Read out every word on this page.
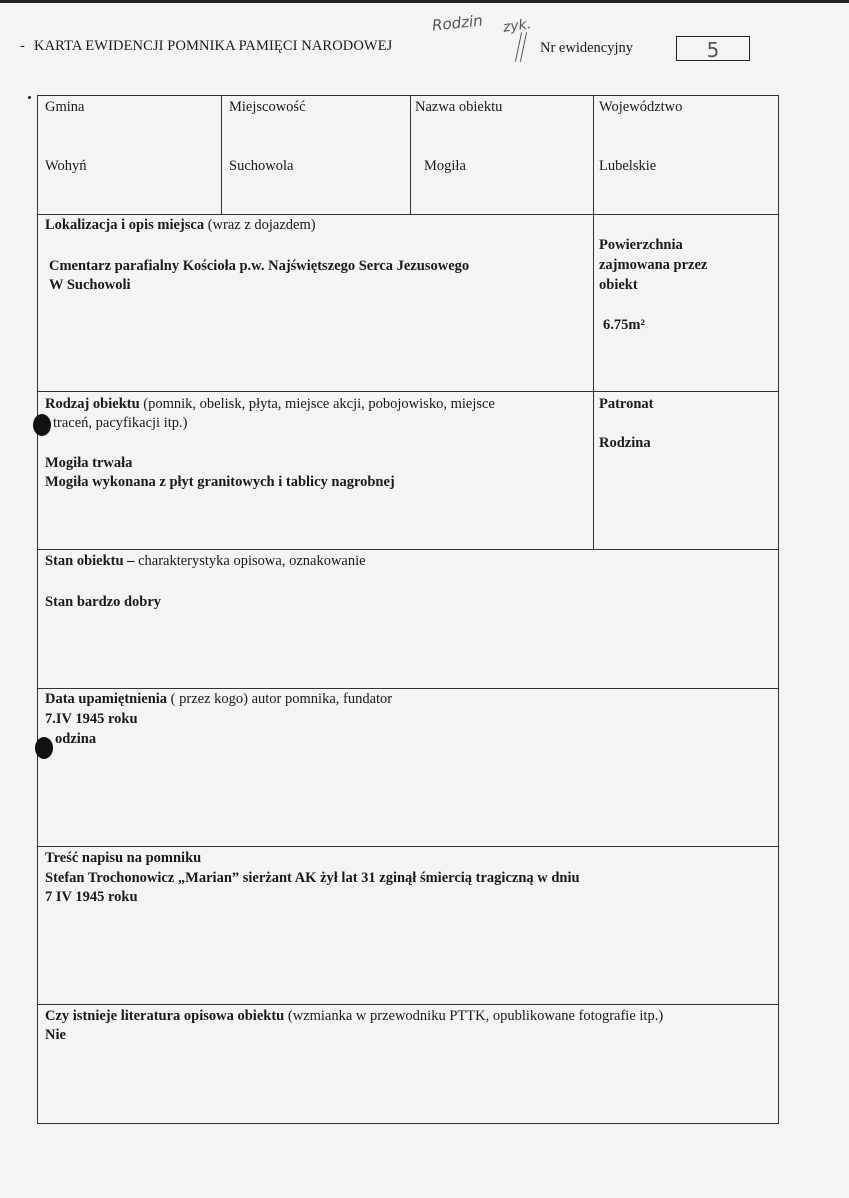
- KARTA EWIDENCJI POMNIKA PAMIĘCI NARODOWEJ
Rodzin zyk.
Nr ewidencyjny	5
Gmina
Wohyń
Miejscowość
Suchowola
Nazwa obiektu
Mogiła
Województwo
Lubelskie
Lokalizacja i opis miejsca (wraz z dojazdem)
Cmentarz parafialny Kościoła p.w. Najświętszego Serca Jezusowego
W Suchowoli
Powierzchnia
zajmowana przez
obiekt
6.75m²
Rodzaj obiektu (pomnik, obelisk, płyta, miejsce akcji, pobojowisko, miejsce
traceń, pacyfikacji itp.)
Mogiła trwała
Mogiła wykonana z płyt granitowych i tablicy nagrobnej
Patronat
Rodzina
Stan obiektu – charakterystyka opisowa, oznakowanie
Stan bardzo dobry
Data upamiętnienia ( przez kogo) autor pomnika, fundator
7.IV 1945 roku
odzina
Treść napisu na pomniku
Stefan Trochonowicz „Marian” sierżant AK żył lat 31 zginął śmiercią tragiczną w dniu
7 IV 1945 roku
Czy istnieje literatura opisowa obiektu (wzmianka w przewodniku PTTK, opublikowane fotografie itp.)
Nie
